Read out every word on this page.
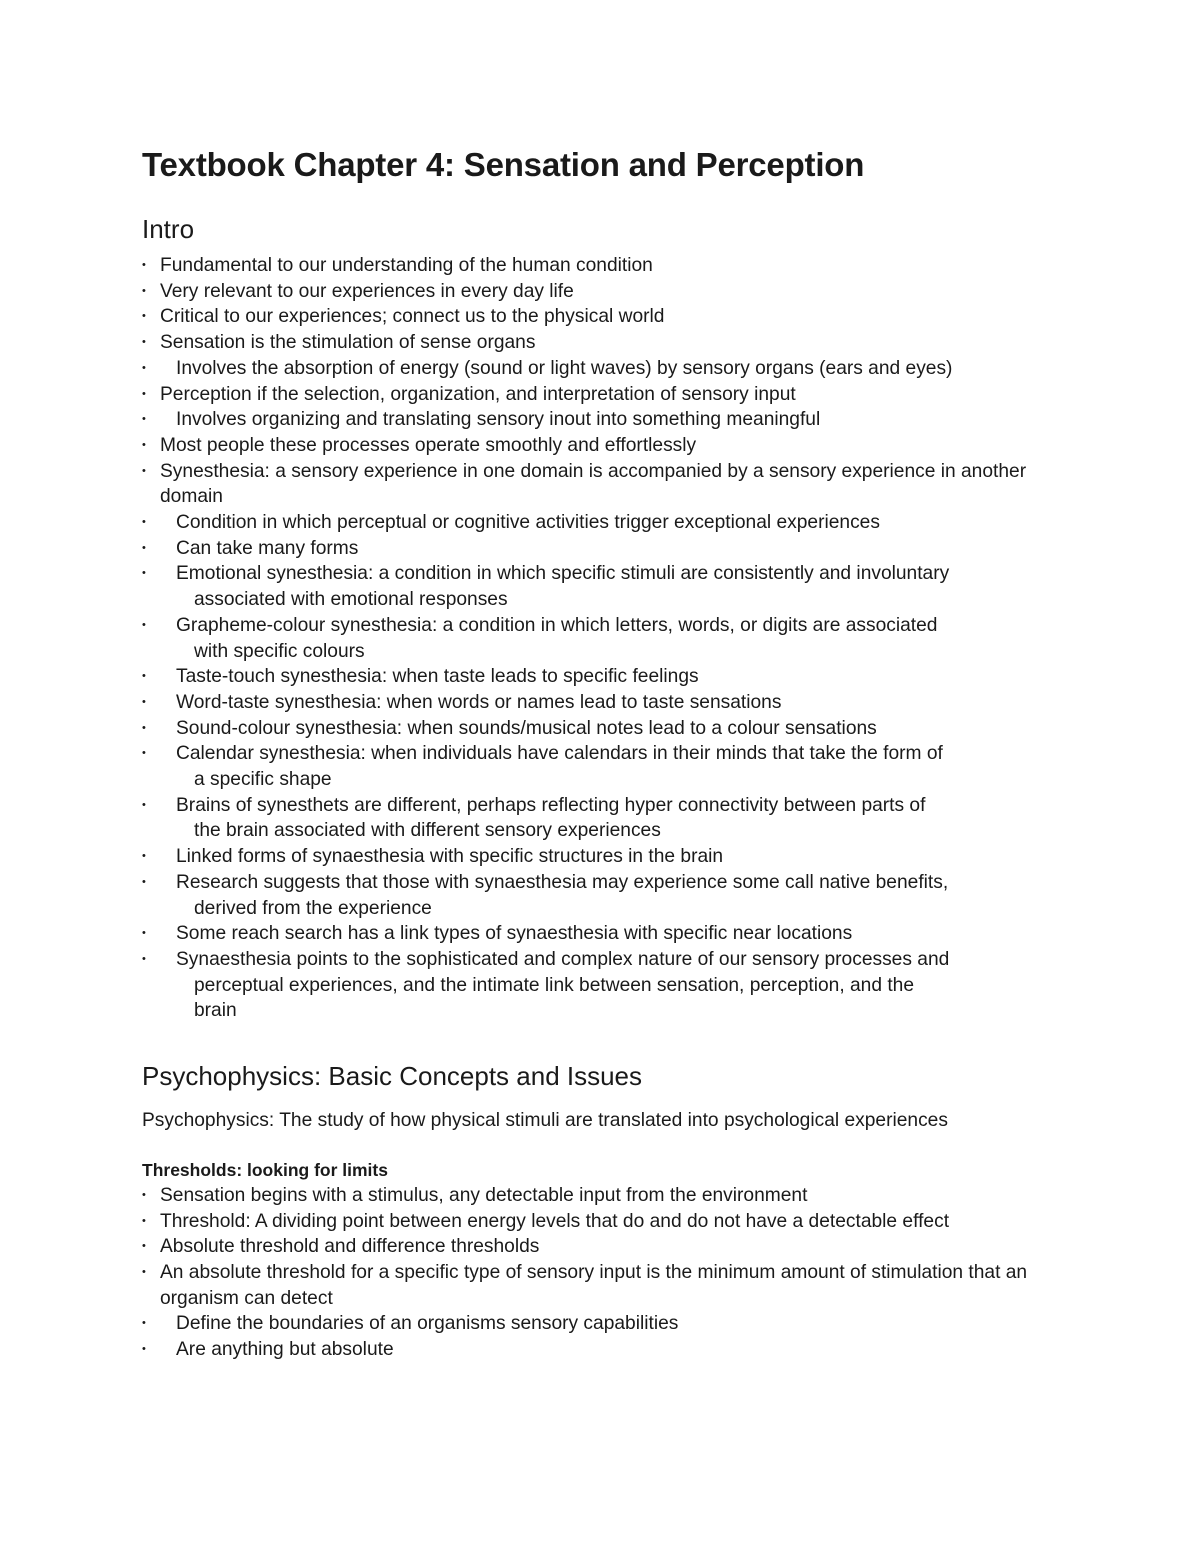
Textbook Chapter 4: Sensation and Perception
Intro
• Fundamental to our understanding of the human condition
• Very relevant to our experiences in every day life
• Critical to our experiences; connect us to the physical world
• Sensation is the stimulation of sense organs
• Involves the absorption of energy (sound or light waves) by sensory organs (ears and eyes)
• Perception if the selection, organization, and interpretation of sensory input
• Involves organizing and translating sensory inout into something meaningful
• Most people these processes operate smoothly and effortlessly
• Synesthesia: a sensory experience in one domain is accompanied by a sensory experience in another domain
• Condition in which perceptual or cognitive activities trigger exceptional experiences
• Can take many forms
• Emotional synesthesia: a condition in which specific stimuli are consistently and involuntary
associated with emotional responses
• Grapheme-colour synesthesia: a condition in which letters, words, or digits are associated
with specific colours
• Taste-touch synesthesia: when taste leads to specific feelings
• Word-taste synesthesia: when words or names lead to taste sensations
• Sound-colour synesthesia: when sounds/musical notes lead to a colour sensations
• Calendar synesthesia: when individuals have calendars in their minds that take the form of
a specific shape
• Brains of synesthets are different, perhaps reflecting hyper connectivity between parts of
the brain associated with different sensory experiences
• Linked forms of synaesthesia with specific structures in the brain
• Research suggests that those with synaesthesia may experience some call native benefits,
derived from the experience
• Some reach search has a link types of synaesthesia with specific near locations
• Synaesthesia points to the sophisticated and complex nature of our sensory processes and
perceptual experiences, and the intimate link between sensation, perception, and the
brain
Psychophysics: Basic Concepts and Issues

Psychophysics: The study of how physical stimuli are translated into psychological experiences

Thresholds: looking for limits
• Sensation begins with a stimulus, any detectable input from the environment
• Threshold: A dividing point between energy levels that do and do not have a detectable effect
• Absolute threshold and difference thresholds
• An absolute threshold for a specific type of sensory input is the minimum amount of stimulation that an organism can detect
• Define the boundaries of an organisms sensory capabilities
• Are anything but absolute
